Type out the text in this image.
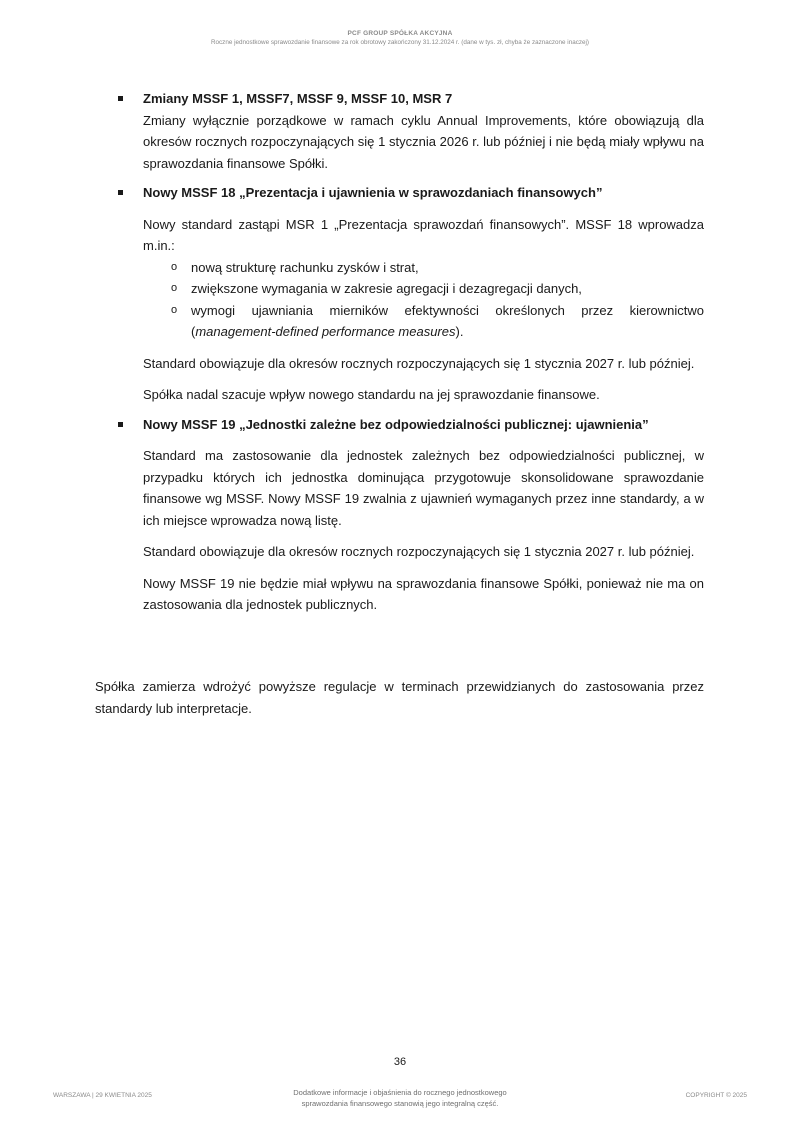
PCF GROUP SPÓŁKA AKCYJNA
Roczne jednostkowe sprawozdanie finansowe za rok obrotowy zakończony 31.12.2024 r. (dane w tys. zł, chyba że zaznaczone inaczej)
Zmiany MSSF 1, MSSF7, MSSF 9, MSSF 10, MSR 7
Zmiany wyłącznie porządkowe w ramach cyklu Annual Improvements, które obowiązują dla okresów rocznych rozpoczynających się 1 stycznia 2026 r. lub później i nie będą miały wpływu na sprawozdania finansowe Spółki.
Nowy MSSF 18 „Prezentacja i ujawnienia w sprawozdaniach finansowych”
Nowy standard zastąpi MSR 1 „Prezentacja sprawozdań finansowych”. MSSF 18 wprowadza m.in.:
o nową strukturę rachunku zysków i strat,
o zwiększone wymagania w zakresie agregacji i dezagregacji danych,
o wymogi ujawniania mierników efektywności określonych przez kierownictwo (management-defined performance measures).
Standard obowiązuje dla okresów rocznych rozpoczynających się 1 stycznia 2027 r. lub później.
Spółka nadal szacuje wpływ nowego standardu na jej sprawozdanie finansowe.
Nowy MSSF 19 „Jednostki zależne bez odpowiedzialności publicznej: ujawnienia”
Standard ma zastosowanie dla jednostek zależnych bez odpowiedzialności publicznej, w przypadku których ich jednostka dominująca przygotowuje skonsolidowane sprawozdanie finansowe wg MSSF. Nowy MSSF 19 zwalnia z ujawnień wymaganych przez inne standardy, a w ich miejsce wprowadza nową listę.
Standard obowiązuje dla okresów rocznych rozpoczynających się 1 stycznia 2027 r. lub później.
Nowy MSSF 19 nie będzie miał wpływu na sprawozdania finansowe Spółki, ponieważ nie ma on zastosowania dla jednostek publicznych.
Spółka zamierza wdrożyć powyższe regulacje w terminach przewidzianych do zastosowania przez standardy lub interpretacje.
36
WARSZAWA | 29 KWIETNIA 2025	Dodatkowe informacje i objaśnienia do rocznego jednostkowego
sprawozdania finansowego stanowią jego integralną część.
COPYRIGHT © 2025
